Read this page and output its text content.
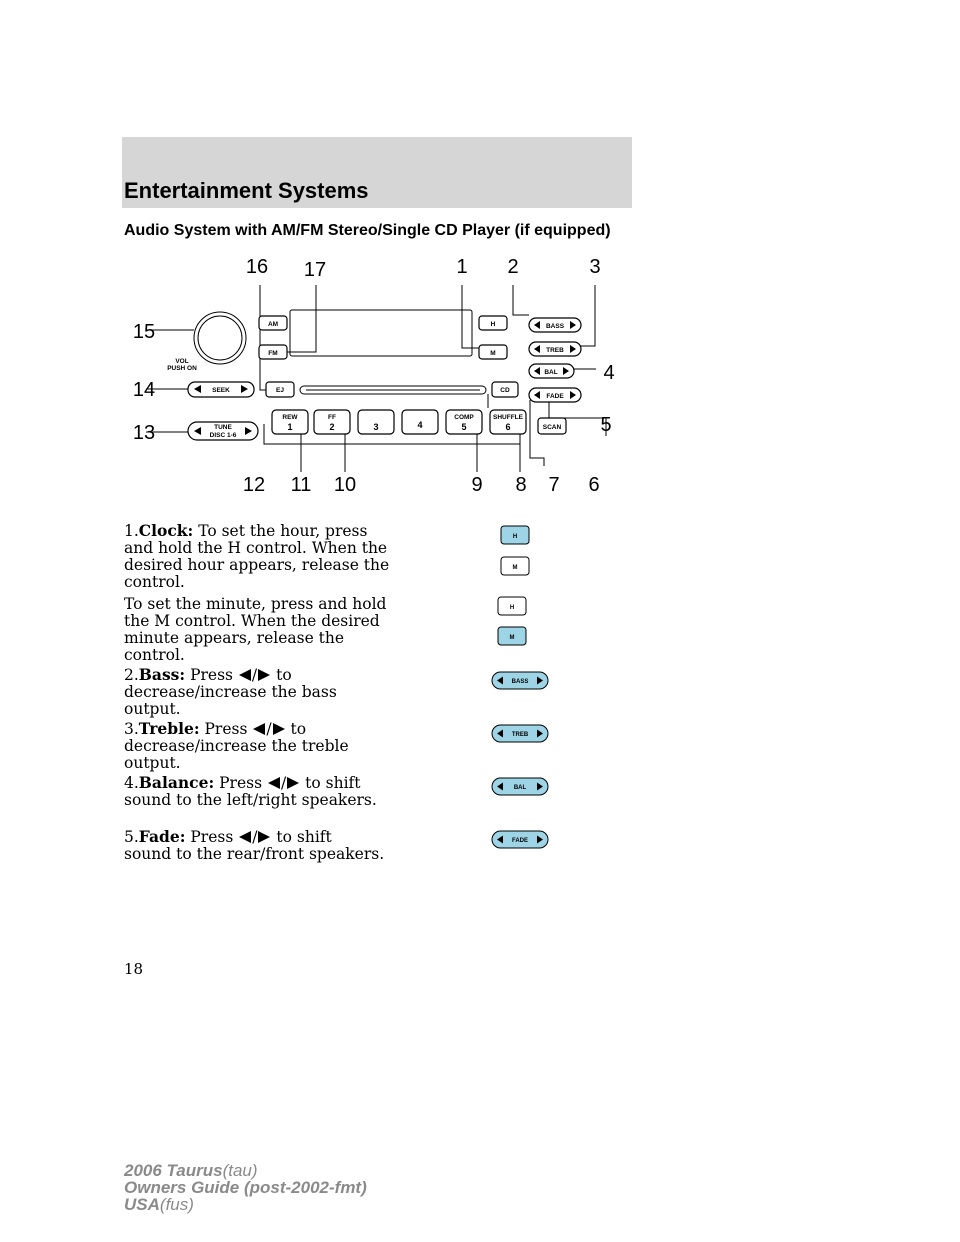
Entertainment Systems
Audio System with AM/FM Stereo/Single CD Player (if equipped)
AM
FM
H
M
BASS
TREB
BAL
FADE
VOL
PUSH ON
SEEK	EJ	CD
TUNE
DISC 1-6
REW	FF	COMP	SHUFFLE
SCAN
1	2	3	4	5	6
16 17	1 2	3
15
4
14
5
13
12 11 10	9 8 7 6
1.Clock: To set the hour, press and hold the H control. When the desired hour appears, release the control.
To set the minute, press and hold the M control. When the desired minute appears, release the control.
2.Bass: Press / to
decrease/increase the bass output.
3.Treble: Press / to
decrease/increase the treble output.
4.Balance: Press / to shift
sound to the left/right speakers.
5.Fade: Press / to shift
sound to the rear/front speakers.
H
M
H
M
BASS
TREB
BAL
FADE
18
2006 Taurus(tau)
Owners Guide (post-2002-fmt)
USA(fus)
